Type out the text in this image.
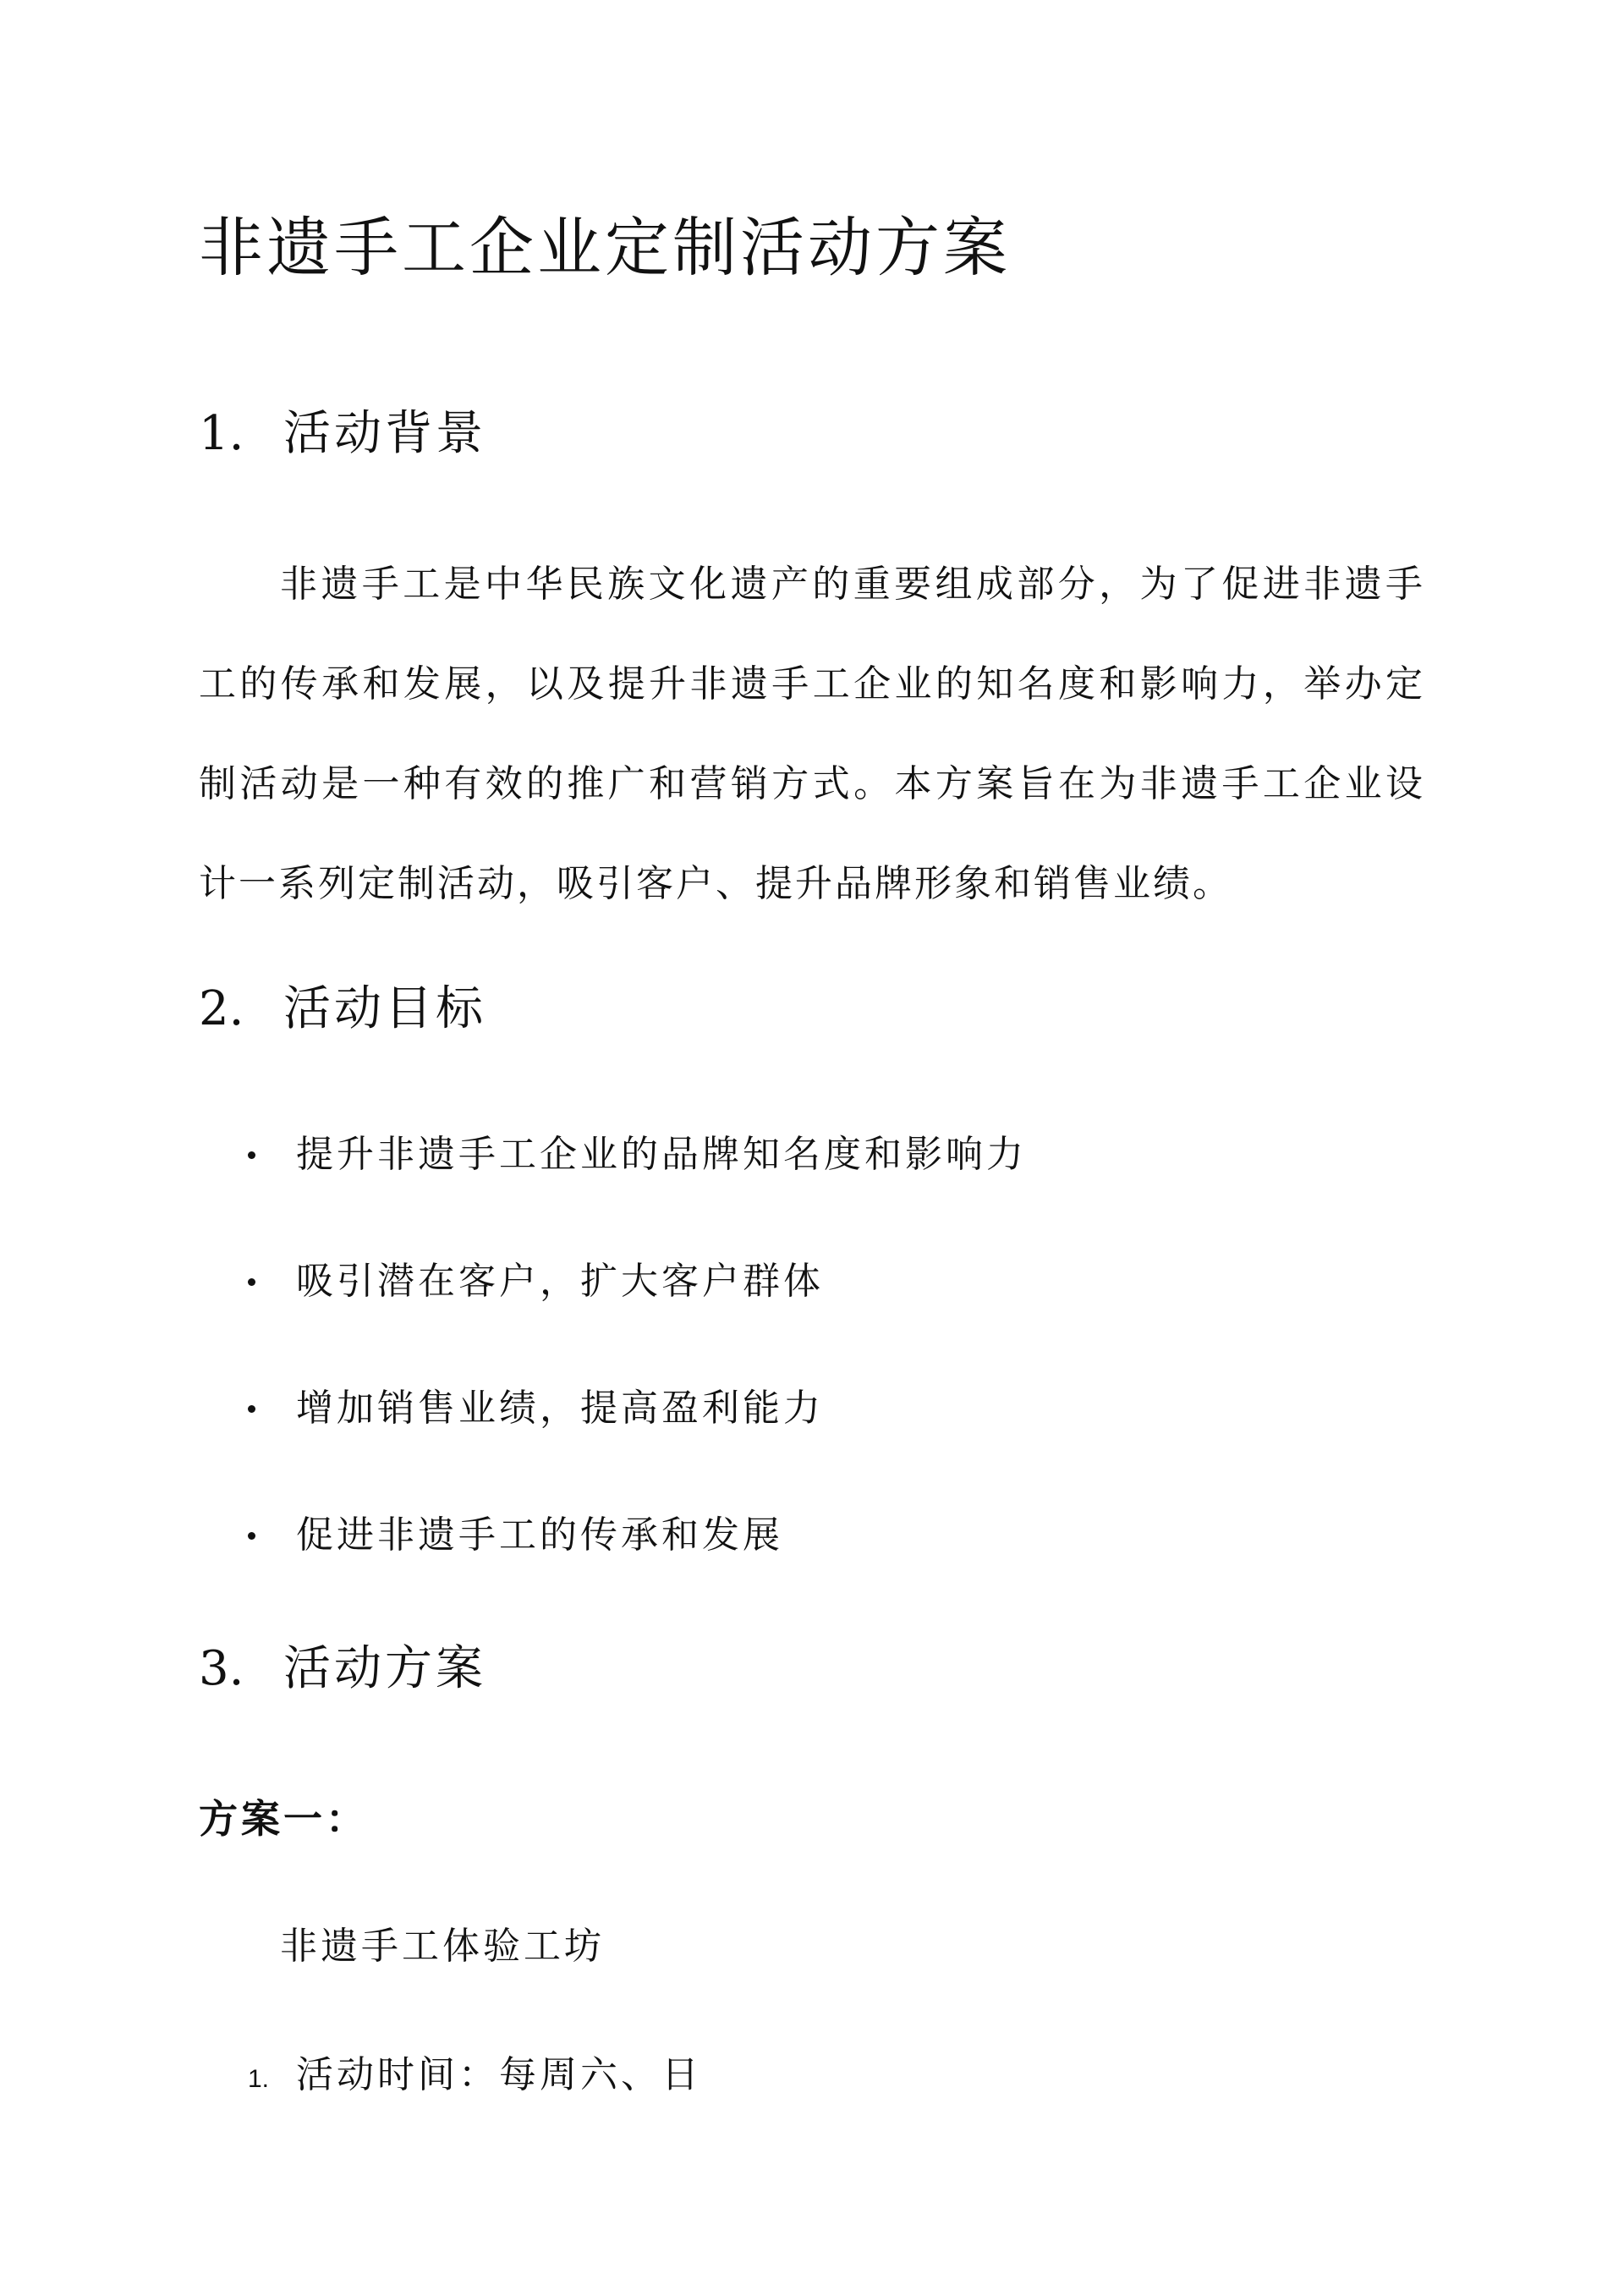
非遗手工企业定制活动方案
1. 活动背景

非遗手工是中华民族文化遗产的重要组成部分，为了促进非遗手工的传承和发展，以及提升非遗手工企业的知名度和影响力，举办定制活动是一种有效的推广和营销方式。本方案旨在为非遗手工企业设计一系列定制活动，吸引客户、提升品牌形象和销售业绩。

2. 活动目标
提升非遗手工企业的品牌知名度和影响力
吸引潜在客户，扩大客户群体
增加销售业绩，提高盈利能力
促进非遗手工的传承和发展
3. 活动方案
方案一：
非遗手工体验工坊
1. 活动时间：每周六、日
